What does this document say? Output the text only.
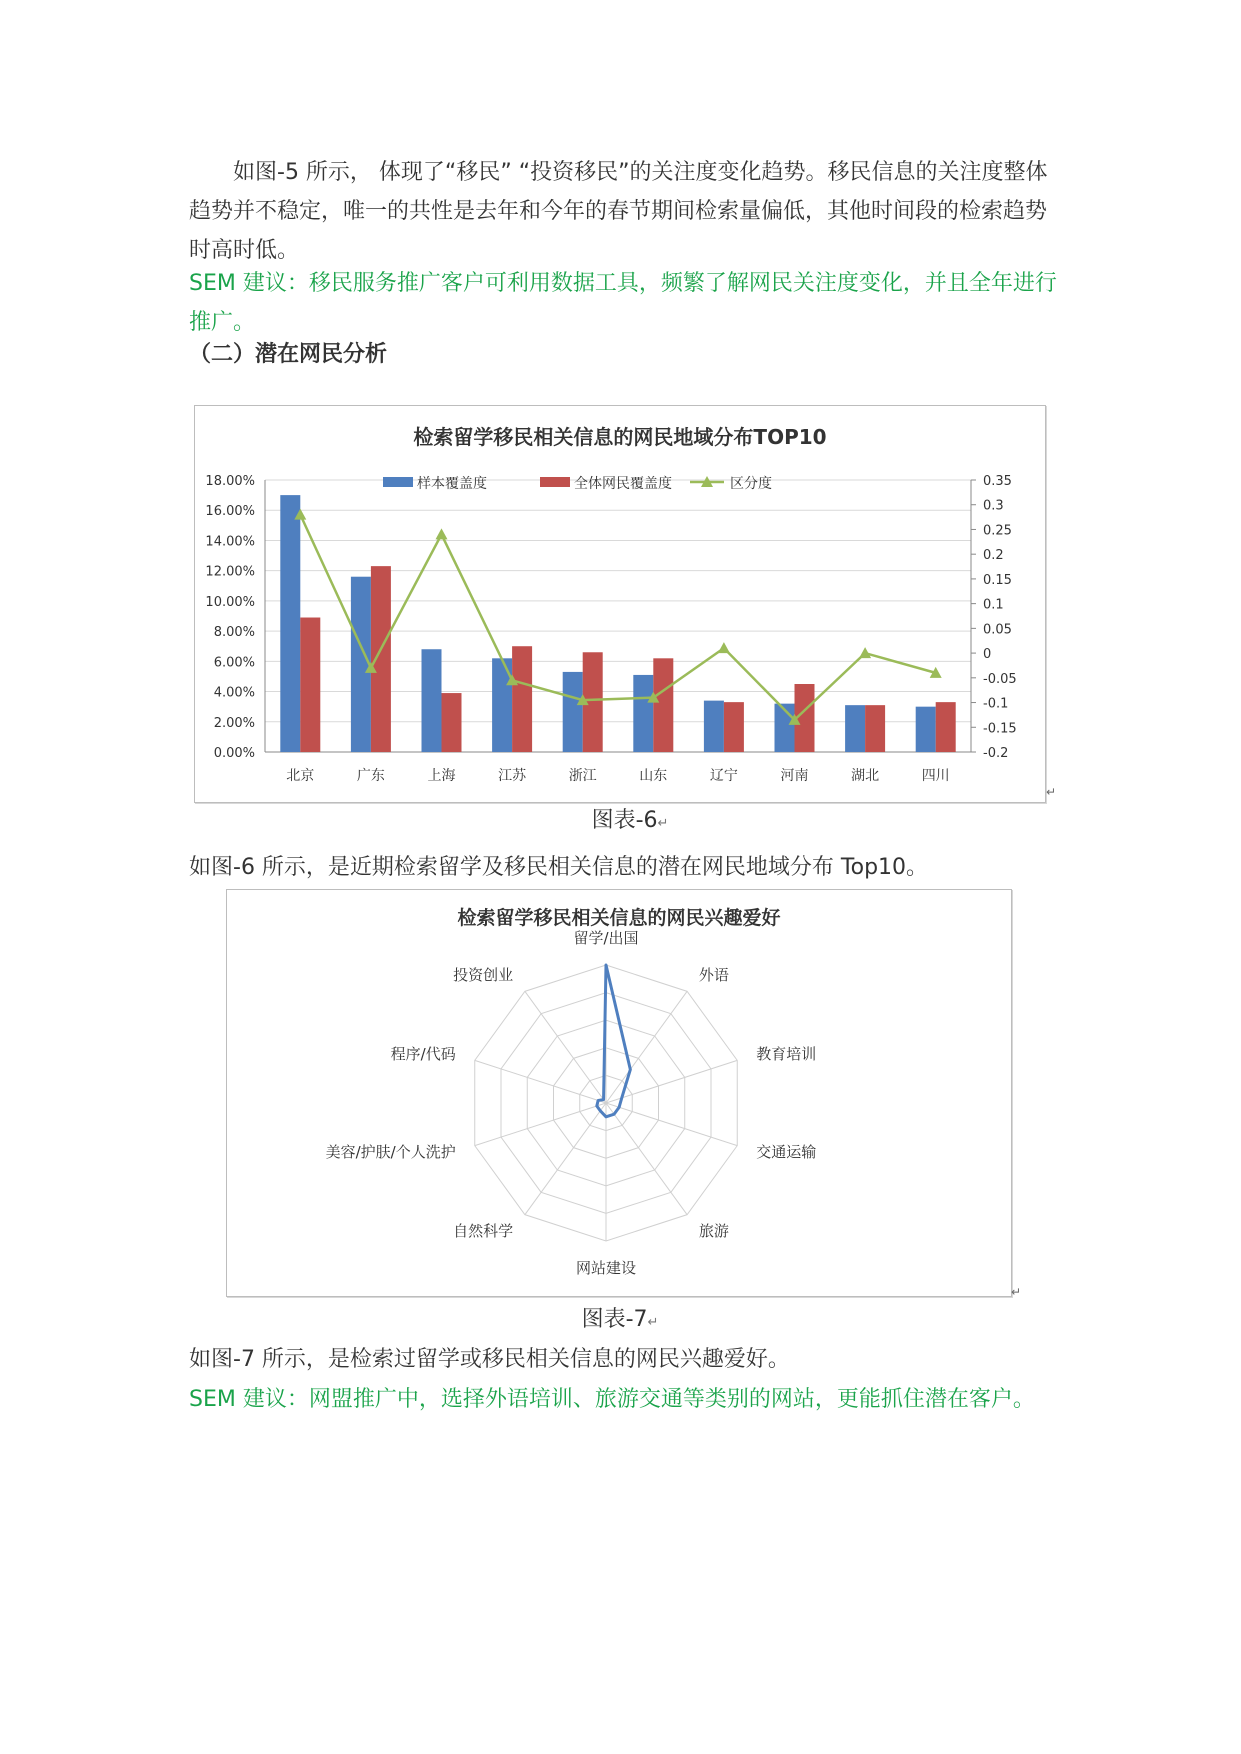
如图-5 所示， 体现了“移民” “投资移民”的关注度变化趋势。移民信息的关注度整体趋势并不稳定，唯一的共性是去年和今年的春节期间检索量偏低，其他时间段的检索趋势时高时低。

SEM 建议：移民服务推广客户可利用数据工具，频繁了解网民关注度变化，并且全年进行推广。

（二）潜在网民分析

检索留学移民相关信息的网民地域分布TOP10
0.00%
2.00%
4.00%
6.00%
8.00%
10.00%
12.00%
14.00%
16.00%
18.00%
-0.2
-0.15
-0.1
-0.05
0
0.05
0.1
0.15
0.2
0.25
0.3
0.35
北京	广东	上海	江苏	浙江	山东	辽宁	河南	湖北	四川
样本覆盖度	全体网民覆盖度	区分度
↵
图表-6↵

如图-6 所示，是近期检索留学及移民相关信息的潜在网民地域分布 Top10。

检索留学移民相关信息的网民兴趣爱好
留学/出国
外语
教育培训
交通运输
旅游
网站建设
自然科学
美容/护肤/个人洗护
程序/代码
投资创业
↵
图表-7↵

如图-7 所示，是检索过留学或移民相关信息的网民兴趣爱好。

SEM 建议：网盟推广中，选择外语培训、旅游交通等类别的网站，更能抓住潜在客户。
